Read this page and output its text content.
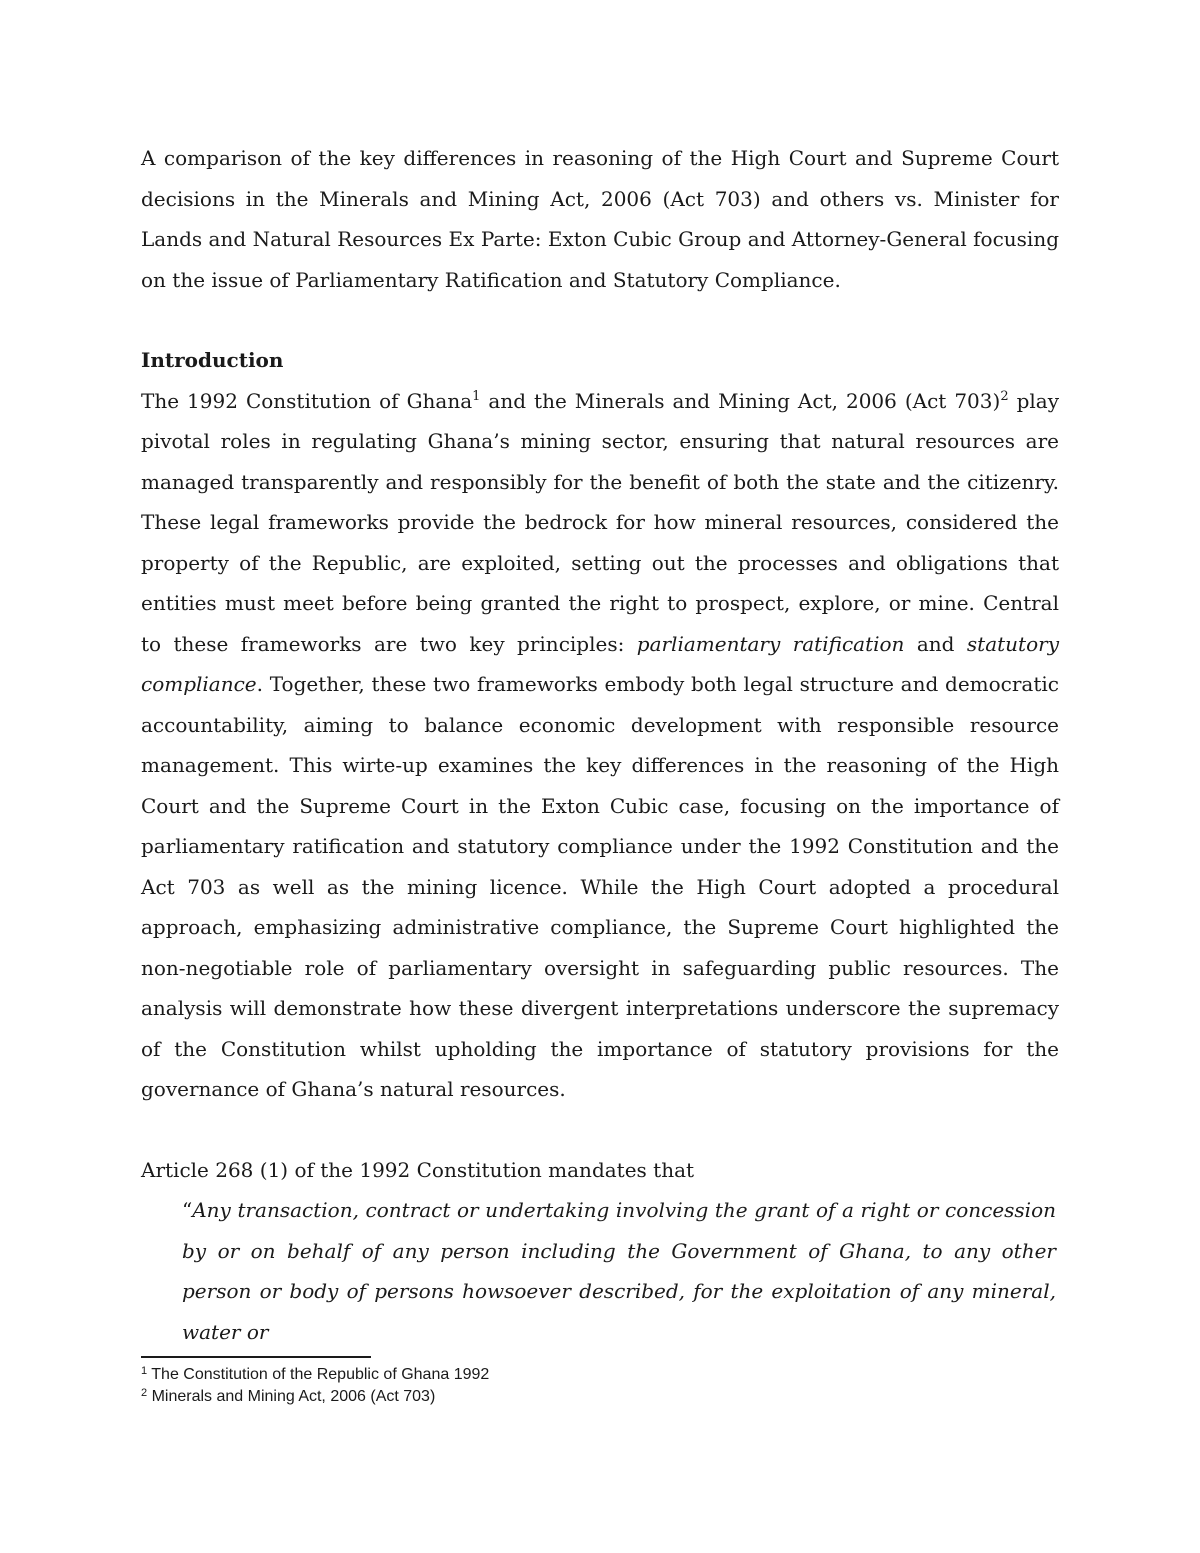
A comparison of the key differences in reasoning of the High Court and Supreme Court decisions in the Minerals and Mining Act, 2006 (Act 703) and others vs. Minister for Lands and Natural Resources Ex Parte: Exton Cubic Group and Attorney-General focusing on the issue of Parliamentary Ratification and Statutory Compliance.

Introduction

The 1992 Constitution of Ghana$^1$ and the Minerals and Mining Act, 2006 (Act 703)$^2$ play pivotal roles in regulating Ghana’s mining sector, ensuring that natural resources are managed transparently and responsibly for the benefit of both the state and the citizenry. These legal frameworks provide the bedrock for how mineral resources, considered the property of the Republic, are exploited, setting out the processes and obligations that entities must meet before being granted the right to prospect, explore, or mine. Central to these frameworks are two key principles: parliamentary ratification and statutory compliance. Together, these two frameworks embody both legal structure and democratic accountability, aiming to balance economic development with responsible resource management. This wirte-up examines the key differences in the reasoning of the High Court and the Supreme Court in the Exton Cubic case, focusing on the importance of parliamentary ratification and statutory compliance under the 1992 Constitution and the Act 703 as well as the mining licence. While the High Court adopted a procedural approach, emphasizing administrative compliance, the Supreme Court highlighted the non-negotiable role of parliamentary oversight in safeguarding public resources. The analysis will demonstrate how these divergent interpretations underscore the supremacy of the Constitution whilst upholding the importance of statutory provisions for the governance of Ghana’s natural resources.

Article 268 (1) of the 1992 Constitution mandates that

“Any transaction, contract or undertaking involving the grant of a right or concession by or on behalf of any person including the Government of Ghana, to any other person or body of persons howsoever described, for the exploitation of any mineral, water or

$^1$ The Constitution of the Republic of Ghana 1992

$^2$ Minerals and Mining Act, 2006 (Act 703)
